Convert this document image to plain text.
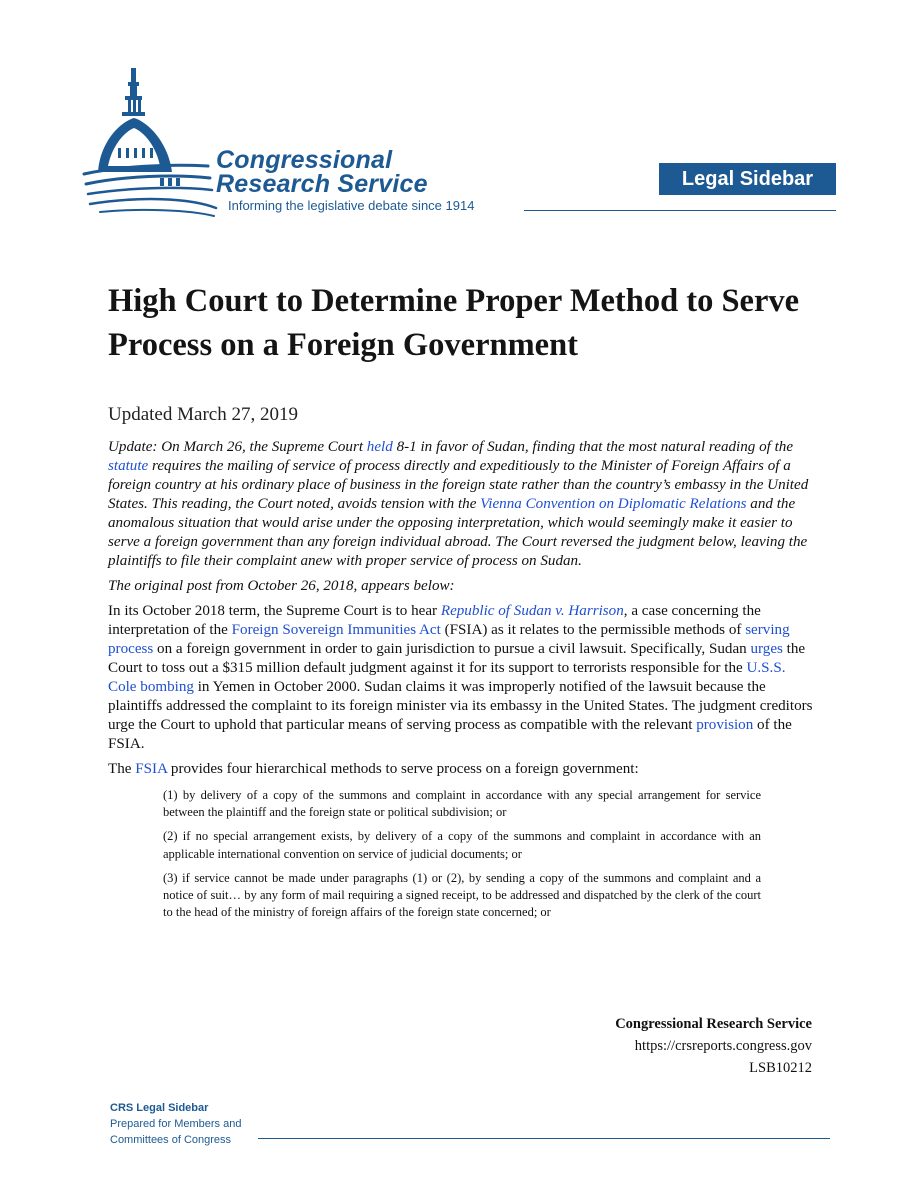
Congressional
Research Service
Informing the legislative debate since 1914
Legal Sidebar
High Court to Determine Proper Method to Serve Process on a Foreign Government
Updated March 27, 2019

Update: On March 26, the Supreme Court held 8-1 in favor of Sudan, finding that the most natural reading of the statute requires the mailing of service of process directly and expeditiously to the Minister of Foreign Affairs of a foreign country at his ordinary place of business in the foreign state rather than the country’s embassy in the United States. This reading, the Court noted, avoids tension with the Vienna Convention on Diplomatic Relations and the anomalous situation that would arise under the opposing interpretation, which would seemingly make it easier to serve a foreign government than any foreign individual abroad. The Court reversed the judgment below, leaving the plaintiffs to file their complaint anew with proper service of process on Sudan.

The original post from October 26, 2018, appears below:

In its October 2018 term, the Supreme Court is to hear Republic of Sudan v. Harrison, a case concerning the interpretation of the Foreign Sovereign Immunities Act (FSIA) as it relates to the permissible methods of serving process on a foreign government in order to gain jurisdiction to pursue a civil lawsuit. Specifically, Sudan urges the Court to toss out a $315 million default judgment against it for its support to terrorists responsible for the U.S.S. Cole bombing in Yemen in October 2000. Sudan claims it was improperly notified of the lawsuit because the plaintiffs addressed the complaint to its foreign minister via its embassy in the United States. The judgment creditors urge the Court to uphold that particular means of serving process as compatible with the relevant provision of the FSIA.

The FSIA provides four hierarchical methods to serve process on a foreign government:

(1) by delivery of a copy of the summons and complaint in accordance with any special arrangement for service between the plaintiff and the foreign state or political subdivision; or

(2) if no special arrangement exists, by delivery of a copy of the summons and complaint in accordance with an applicable international convention on service of judicial documents; or

(3) if service cannot be made under paragraphs (1) or (2), by sending a copy of the summons and complaint and a notice of suit… by any form of mail requiring a signed receipt, to be addressed and dispatched by the clerk of the court to the head of the ministry of foreign affairs of the foreign state concerned; or

Congressional Research Service
https://crsreports.congress.gov
LSB10212
CRS Legal Sidebar
Prepared for Members and
Committees of Congress
